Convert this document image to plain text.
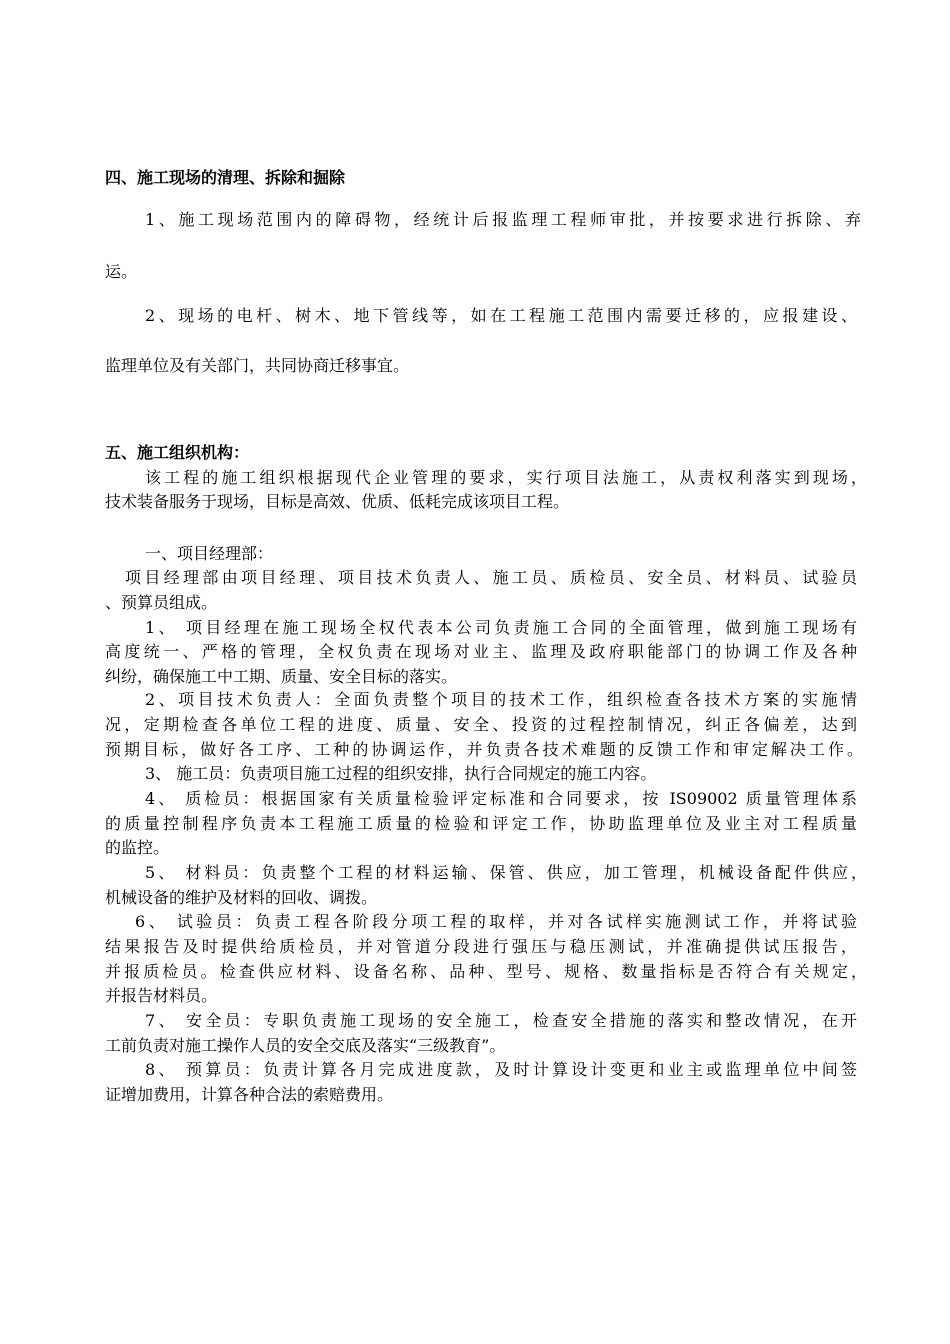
四、施工现场的清理、拆除和掘除

1、施工现场范围内的障碍物，经统计后报监理工程师审批，并按要求进行拆除、弃

运。

2、现场的电杆、树木、地下管线等，如在工程施工范围内需要迁移的，应报建设、

监理单位及有关部门，共同协商迁移事宜。

五、施工组织机构：

该工程的施工组织根据现代企业管理的要求，实行项目法施工，从责权利落实到现场，

技术装备服务于现场，目标是高效、优质、低耗完成该项目工程。

一、项目经理部：

项目经理部由项目经理、项目技术负责人、施工员、质检员、安全员、材料员、试验员

、预算员组成。

1、 项目经理在施工现场全权代表本公司负责施工合同的全面管理，做到施工现场有

高度统一、严格的管理，全权负责在现场对业主、监理及政府职能部门的协调工作及各种

纠纷，确保施工中工期、质量、安全目标的落实。

2、项目技术负责人：全面负责整个项目的技术工作，组织检查各技术方案的实施情

况，定期检查各单位工程的进度、质量、安全、投资的过程控制情况，纠正各偏差，达到

预期目标，做好各工序、工种的协调运作，并负责各技术难题的反馈工作和审定解决工作。

3、 施工员：负责项目施工过程的组织安排，执行合同规定的施工内容。

4、 质检员：根据国家有关质量检验评定标准和合同要求，按 IS09002 质量管理体系

的质量控制程序负责本工程施工质量的检验和评定工作，协助监理单位及业主对工程质量

的监控。

5、 材料员：负责整个工程的材料运输、保管、供应，加工管理，机械设备配件供应，

机械设备的维护及材料的回收、调拨。

6、 试验员：负责工程各阶段分项工程的取样，并对各试样实施测试工作，并将试验

结果报告及时提供给质检员，并对管道分段进行强压与稳压测试，并准确提供试压报告，

并报质检员。检查供应材料、设备名称、品种、型号、规格、数量指标是否符合有关规定，

并报告材料员。

7、 安全员：专职负责施工现场的安全施工，检查安全措施的落实和整改情况，在开

工前负责对施工操作人员的安全交底及落实“三级教育”。

8、 预算员：负责计算各月完成进度款，及时计算设计变更和业主或监理单位中间签

证增加费用，计算各种合法的索赔费用。
